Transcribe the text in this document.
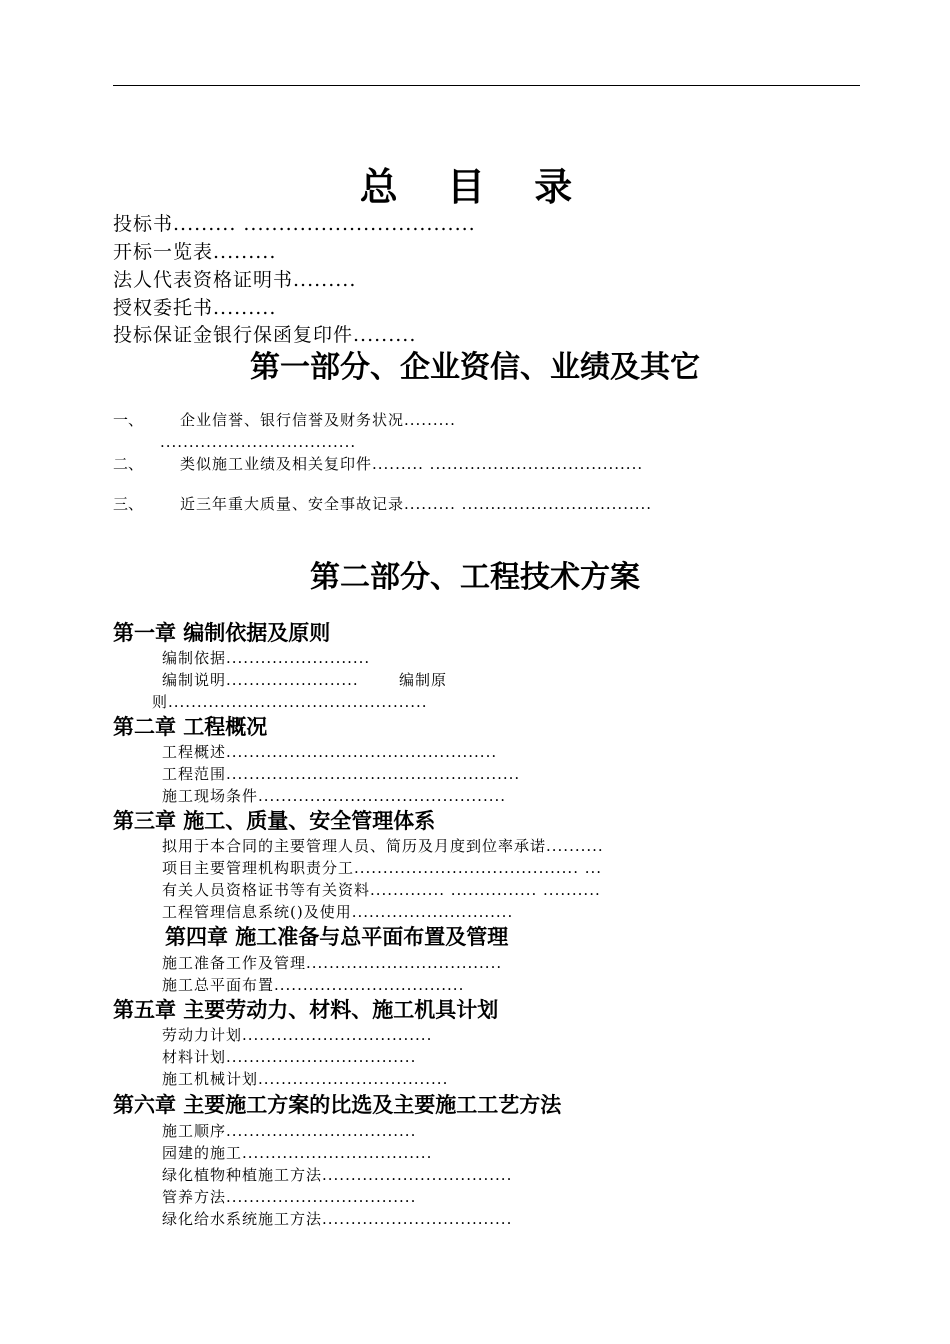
总 目 录
投标书......... .................................
开标一览表.........
法人代表资格证明书.........
授权委托书.........
投标保证金银行保函复印件.........
第一部分、企业资信、业绩及其它
一、 企业信誉、银行信誉及财务状况.........
..................................
二、 类似施工业绩及相关复印件......... .....................................
三、 近三年重大质量、安全事故记录......... .................................
第二部分、工程技术方案
第一章 编制依据及原则
编制依据.........................
编制说明.......................       编制原
则.............................................
第二章 工程概况
工程概述...............................................
工程范围...................................................
施工现场条件...........................................
第三章 施工、质量、安全管理体系
拟用于本合同的主要管理人员、简历及月度到位率承诺..........
项目主要管理机构职责分工....................................... ...
有关人员资格证书等有关资料............. ............... ..........
工程管理信息系统()及使用............................
第四章 施工准备与总平面布置及管理
施工准备工作及管理..................................
施工总平面布置.................................
第五章 主要劳动力、材料、施工机具计划
劳动力计划.................................
材料计划.................................
施工机械计划.................................
第六章 主要施工方案的比选及主要施工工艺方法
施工顺序.................................
园建的施工.................................
绿化植物种植施工方法.................................
管养方法.................................
绿化给水系统施工方法.................................
